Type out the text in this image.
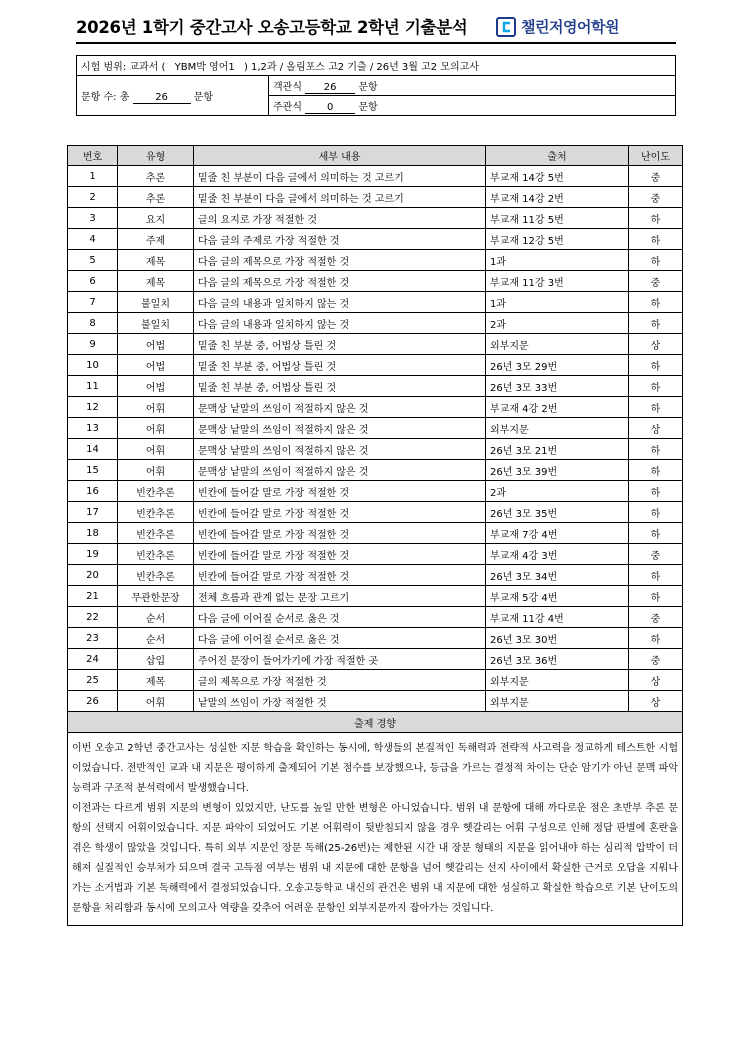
2026년 1학기 중간고사 오송고등학교 2학년 기출분석	챌린저영어학원
시험 범위: 교과서 ( YBM박 영어1 ) 1,2과 / 올림포스 고2 기출 / 26년 3월 고2 모의고사
문항 수: 총	26	문항	객관식 26 문항
주관식	0	문항
번호	유형	세부 내용	출처	난이도
1	추론	밑줄 친 부분이 다음 글에서 의미하는 것 고르기	부교재 14강 5번	중
2	추론	밑줄 친 부분이 다음 글에서 의미하는 것 고르기	부교재 14강 2번	중
3	요지	글의 요지로 가장 적절한 것	부교재 11강 5번	하
4	주제	다음 글의 주제로 가장 적절한 것	부교재 12강 5번	하
5	제목	다음 글의 제목으로 가장 적절한 것	1과	하
6	제목	다음 글의 제목으로 가장 적절한 것	부교재 11강 3번	중
7	불일치	다음 글의 내용과 일치하지 않는 것	1과	하
8	불일치	다음 글의 내용과 일치하지 않는 것	2과	하
9	어법	밑줄 친 부분 중, 어법상 틀린 것	외부지문	상
10	어법	밑줄 친 부분 중, 어법상 틀린 것	26년 3모 29번	하
11	어법	밑줄 친 부분 중, 어법상 틀린 것	26년 3모 33번	하
12	어휘	문맥상 낱말의 쓰임이 적절하지 않은 것	부교재 4강 2번	하
13	어휘	문맥상 낱말의 쓰임이 적절하지 않은 것	외부지문	상
14	어휘	문맥상 낱말의 쓰임이 적절하지 않은 것	26년 3모 21번	하
15	어휘	문맥상 낱말의 쓰임이 적절하지 않은 것	26년 3모 39번	하
16	빈칸추론	빈칸에 들어갈 말로 가장 적절한 것	2과	하
17	빈칸추론	빈칸에 들어갈 말로 가장 적절한 것	26년 3모 35번	하
18	빈칸추론	빈칸에 들어갈 말로 가장 적절한 것	부교재 7강 4번	하
19	빈칸추론	빈칸에 들어갈 말로 가장 적절한 것	부교재 4강 3번	중
20	빈칸추론	빈칸에 들어갈 말로 가장 적절한 것	26년 3모 34번	하
21	무관한문장	전체 흐름과 관계 없는 문장 고르기	부교재 5강 4번	하
22	순서	다음 글에 이어질 순서로 옳은 것	부교재 11강 4번	중
23	순서	다음 글에 이어질 순서로 옳은 것	26년 3모 30번	하
24	삽입	주어진 문장이 들어가기에 가장 적절한 곳	26년 3모 36번	중
25	제목	글의 제목으로 가장 적절한 것	외부지문	상
26	어휘	낱말의 쓰임이 가장 적절한 것	외부지문	상
출제 경향				

이번 오송고 2학년 중간고사는 성실한 지문 학습을 확인하는 동시에, 학생들의 본질적인 독해력과 전략적 사고력을 정교하게 테스트한 시험이었습니다. 전반적인 교과 내 지문은 평이하게 출제되어 기본 점수를 보장했으나, 등급을 가르는 결정적 차이는 단순 암기가 아닌 문맥 파악 능력과 구조적 분석력에서 발생했습니다.

이전과는 다르게 범위 지문의 변형이 있었지만, 난도를 높일 만한 변형은 아니었습니다. 범위 내 문항에 대해 까다로운 점은 초반부 추론 문항의 선택지 어휘이었습니다. 지문 파악이 되었어도 기본 어휘력이 뒷받침되지 않을 경우 헷갈리는 어휘 구성으로 인해 정답 판별에 혼란을 겪은 학생이 많았을 것입니다. 특히 외부 지문인 장문 독해(25-26번)는 제한된 시간 내 장문 형태의 지문을 읽어내야 하는 심리적 압박이 더해져 실질적인 승부처가 되으며 결국 고득점 여부는 범위 내 지문에 대한 문항을 넘어 헷갈리는 선지 사이에서 확실한 근거로 오답을 지워나가는 소거법과 기본 독해력에서 결정되었습니다. 오송고등학교 내신의 관건은 범위 내 지문에 대한 성실하고 확실한 학습으로 기본 난이도의 문항을 처리함과 동시에 모의고사 역량을 갖추어 어려운 문항인 외부지문까지 잡아가는 것입니다.				
